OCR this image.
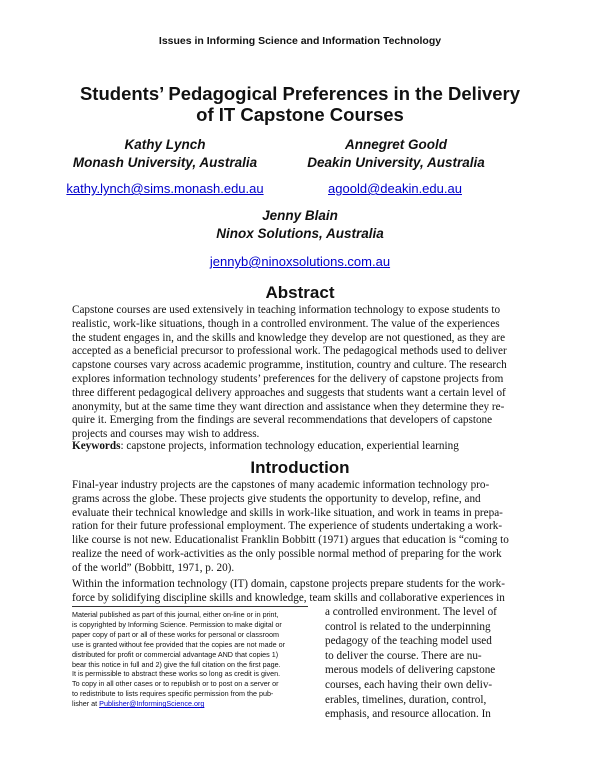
Issues in Informing Science and Information Technology
Students’ Pedagogical Preferences in the Delivery
of IT Capstone Courses
Kathy Lynch
Monash University, Australia
Annegret Goold
Deakin University, Australia
kathy.lynch@sims.monash.edu.au	agoold@deakin.edu.au
Jenny Blain
Ninox Solutions, Australia
jennyb@ninoxsolutions.com.au
Abstract

Capstone courses are used extensively in teaching information technology to expose students to

realistic, work-like situations, though in a controlled environment. The value of the experiences

the student engages in, and the skills and knowledge they develop are not questioned, as they are

accepted as a beneficial precursor to professional work. The pedagogical methods used to deliver

capstone courses vary across academic programme, institution, country and culture. The research

explores information technology students’ preferences for the delivery of capstone projects from

three different pedagogical delivery approaches and suggests that students want a certain level of

anonymity, but at the same time they want direction and assistance when they determine they re-

quire it. Emerging from the findings are several recommendations that developers of capstone

projects and courses may wish to address.

Keywords: capstone projects, information technology education, experiential learning
Introduction

Final-year industry projects are the capstones of many academic information technology pro-

grams across the globe. These projects give students the opportunity to develop, refine, and

evaluate their technical knowledge and skills in work-like situation, and work in teams in prepa-

ration for their future professional employment. The experience of students undertaking a work-

like course is not new. Educationalist Franklin Bobbitt (1971) argues that education is “coming to

realize the need of work-activities as the only possible normal method of preparing for the work

of the world” (Bobbitt, 1971, p. 20).

Within the information technology (IT) domain, capstone projects prepare students for the work-

force by solidifying discipline skills and knowledge, team skills and collaborative experiences in

a controlled environment. The level of

control is related to the underpinning

pedagogy of the teaching model used

to deliver the course. There are nu-

merous models of delivering capstone

courses, each having their own deliv-

erables, timelines, duration, control,

emphasis, and resource allocation. In

Material published as part of this journal, either on-line or in print,
is copyrighted by Informing Science. Permission to make digital or
paper copy of part or all of these works for personal or classroom
use is granted without fee provided that the copies are not made or
distributed for profit or commercial advantage AND that copies 1)
bear this notice in full and 2) give the full citation on the first page.
It is permissible to abstract these works so long as credit is given.
To copy in all other cases or to republish or to post on a server or
to redistribute to lists requires specific permission from the pub-
lisher at Publisher@InformingScience.org
